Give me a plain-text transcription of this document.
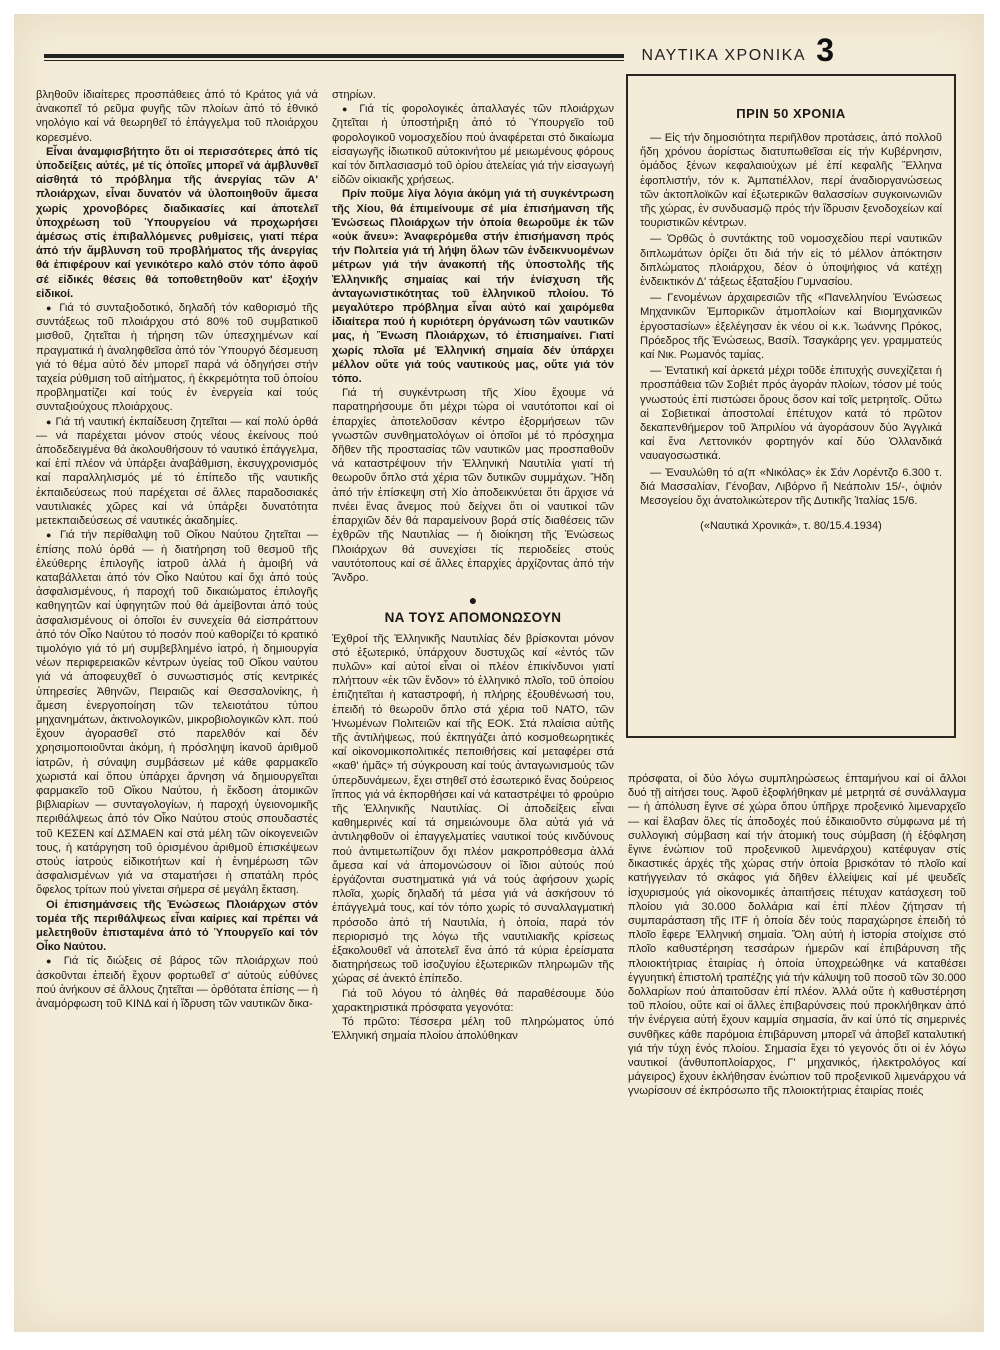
ΝΑΥΤΙΚΑ ΧΡΟΝΙΚΑ 3

βληθοῦν ἰδιαίτερες προσπάθειες ἀπό τό Κράτος γιά νά ἀνακοπεῖ τό ρεῦμα φυγῆς τῶν πλοίων ἀπό τό ἐθνικό νηολόγιο καί νά θεωρηθεῖ τό ἐπάγγελμα τοῦ πλοιάρχου κορεσμένο.

Εἶναι ἀναμφισβήτητο ὅτι οἱ περισσότερες ἀπό τίς ὑποδείξεις αὐτές, μέ τίς ὁποῖες μπορεῖ νά ἀμβλυνθεῖ αἰσθητά τό πρόβλημα τῆς ἀνεργίας τῶν Α' πλοιάρχων, εἶναι δυνατόν νά ὑλοποιηθοῦν ἄμεσα χωρίς χρονοβόρες διαδικασίες καί ἀποτελεῖ ὑποχρέωση τοῦ Ὑπουργείου νά προχωρήσει ἀμέσως στίς ἐπιβαλλόμενες ρυθμίσεις, γιατί πέρα ἀπό τήν ἄμβλυνση τοῦ προβλήματος τῆς ἀνεργίας θά ἐπιφέρουν καί γενικότερο καλό στόν τόπο ἀφοῦ σέ εἰδικές θέσεις θά τοποθετηθοῦν κατ' ἐξοχήν εἰδικοί.

● Γιά τό συνταξιοδοτικό, δηλαδή τόν καθορισμό τῆς συντάξεως τοῦ πλοιάρχου στό 80% τοῦ συμβατικοῦ μισθοῦ, ζητεῖται ἡ τήρηση τῶν ὑπεσχημένων καί πραγματικά ἡ ἀναληφθεῖσα ἀπό τόν Ὑπουργό δέσμευση γιά τό θέμα αὐτό δέν μπορεῖ παρά νά ὁδηγήσει στήν ταχεία ρύθμιση τοῦ αἰτήματος, ἡ ἐκκρεμότητα τοῦ ὁποίου προβληματίζει καί τούς ἐν ἐνεργεία καί τούς συνταξιούχους πλοιάρχους.

● Γιά τή ναυτική ἐκπαίδευση ζητεῖται — καί πολύ ὀρθά — νά παρέχεται μόνον στούς νέους ἐκείνους πού ἀποδεδειγμένα θά ἀκολουθήσουν τό ναυτικό ἐπάγγελμα, καί ἐπί πλέον νά ὑπάρξει ἀναβάθμιση, ἐκσυγχρονισμός καί παραλληλισμός μέ τό ἐπίπεδο τῆς ναυτικῆς ἐκπαιδεύσεως πού παρέχεται σέ ἄλλες παραδοσιακές ναυτιλιακές χῶρες καί νά ὑπάρξει δυνατότητα μετεκπαιδεύσεως σέ ναυτικές ἀκαδημίες.

● Γιά τήν περίθαλψη τοῦ Οἴκου Ναύτου ζητεῖται — ἐπίσης πολύ ὀρθά — ἡ διατήρηση τοῦ θεσμοῦ τῆς ἐλεύθερης ἐπιλογῆς ἰατροῦ ἀλλά ἡ ἀμοιβή νά καταβάλλεται ἀπό τόν Οἶκο Ναύτου καί ὄχι ἀπό τούς ἀσφαλισμένους, ἡ παροχή τοῦ δικαιώματος ἐπιλογῆς καθηγητῶν καί ὑφηγητῶν πού θά ἀμείβονται ἀπό τούς ἀσφαλισμένους οἱ ὁποῖοι ἐν συνεχεία θά εἰσπράττουν ἀπό τόν Οἶκο Ναύτου τό ποσόν πού καθορίζει τό κρατικό τιμολόγιο γιά τό μή συμβεβλημένο ἰατρό, ἡ δημιουργία νέων περιφερειακῶν κέντρων ὑγείας τοῦ Οἴκου ναύτου γιά νά ἀποφευχθεῖ ὁ συνωστισμός στίς κεντρικές ὑπηρεσίες Ἀθηνῶν, Πειραιῶς καί Θεσσαλονίκης, ἡ ἄμεση ἐνεργοποίηση τῶν τελειοτάτου τύπου μηχανημάτων, ἀκτινολογικῶν, μικροβιολογικῶν κλπ. πού ἔχουν ἀγορασθεῖ στό παρελθόν καί δέν χρησιμοποιοῦνται ἀκόμη, ἡ πρόσληψη ἱκανοῦ ἀριθμοῦ ἰατρῶν, ἡ σύναψη συμβάσεων μέ κάθε φαρμακεῖο χωριστά καί ὅπου ὑπάρχει ἄρνηση νά δημιουργεῖται φαρμακεῖο τοῦ Οἴκου Ναύτου, ἡ ἔκδοση ἀτομικῶν βιβλιαρίων — συνταγολογίων, ἡ παροχή ὑγειονομικῆς περιθάλψεως ἀπό τόν Οἶκο Ναύτου στούς σπουδαστές τοῦ ΚΕΣΕΝ καί ΔΣΜΑΕΝ καί στά μέλη τῶν οἰκογενειῶν τους, ἡ κατάργηση τοῦ ὁρισμένου ἀριθμοῦ ἐπισκέψεων στούς ἰατρούς εἰδικοτήτων καί ἡ ἐνημέρωση τῶν ἀσφαλισμένων γιά να σταματήσει ἡ σπατάλη πρός ὄφελος τρίτων πού γίνεται σήμερα σέ μεγάλη ἔκταση.

Οἱ ἐπισημάνσεις τῆς Ἑνώσεως Πλοιάρχων στόν τομέα τῆς περιθάλψεως εἶναι καίριες καί πρέπει νά μελετηθοῦν ἐπισταμένα ἀπό τό Ὑπουργεῖο καί τόν Οἶκο Ναύτου.

● Γιά τίς διώξεις σέ βάρος τῶν πλοιάρχων πού ἀσκοῦνται ἐπειδή ἔχουν φορτωθεῖ σ' αὐτούς εὐθύνες πού ἀνήκουν σέ ἄλλους ζητεῖται — ὀρθότατα ἐπίσης — ἡ ἀναμόρφωση τοῦ ΚΙΝΔ καί ἡ ἵδρυση τῶν ναυτικῶν δικα-

στηρίων.

● Γιά τίς φορολογικές ἀπαλλαγές τῶν πλοιάρχων ζητεῖται ἡ ὑποστήριξη ἀπό τό Ὑπουργεῖο τοῦ φορολογικοῦ νομοσχεδίου πού ἀναφέρεται στό δικαίωμα εἰσαγωγῆς ἰδιωτικοῦ αὐτοκινήτου μέ μειωμένους φόρους καί τόν διπλασιασμό τοῦ ὁρίου ἀτελείας γιά τήν εἰσαγωγή εἰδῶν οἰκιακῆς χρήσεως.

Πρίν ποῦμε λίγα λόγια ἀκόμη γιά τή συγκέντρωση τῆς Χίου, θά ἐπιμείνουμε σέ μία ἐπισήμανση τῆς Ἑνώσεως Πλοιάρχων τήν ὁποία θεωροῦμε ἐκ τῶν «οὐκ ἄνευ»: Ἀναφερόμεθα στήν ἐπισήμανση πρός τήν Πολιτεία γιά τή λήψη ὅλων τῶν ἐνδεικνυομένων μέτρων γιά τήν ἀνακοπή τῆς ὑποστολῆς τῆς Ἑλληνικῆς σημαίας καί τήν ἐνίσχυση τῆς ἀνταγωνιστικότητας τοῦ ἑλληνικοῦ πλοίου. Τό μεγαλύτερο πρόβλημα εἶναι αὐτό καί χαιρόμεθα ἰδιαίτερα πού ἡ κυριότερη ὀργάνωση τῶν ναυτικῶν μας, ἡ Ἕνωση Πλοιάρχων, τό ἐπισημαίνει. Γιατί χωρίς πλοῖα μέ Ἑλληνική σημαία δέν ὑπάρχει μέλλον οὔτε γιά τούς ναυτικούς μας, οὔτε γιά τόν τόπο.

Γιά τή συγκέντρωση τῆς Χίου ἔχουμε νά παρατηρήσουμε ὅτι μέχρι τώρα οἱ ναυτότοποι καί οἱ ἐπαρχίες ἀποτελοῦσαν κέντρο ἐξορμήσεων τῶν γνωστῶν συνθηματολόγων οἱ ὁποῖοι μέ τό πρόσχημα δῆθεν τῆς προστασίας τῶν ναυτικῶν μας προσπαθοῦν νά καταστρέψουν τήν Ἑλληνική Ναυτιλία γιατί τή θεωροῦν ὅπλο στά χέρια τῶν δυτικῶν συμμάχων. Ἤδη ἀπό τήν ἐπίσκεψη στή Χίο ἀποδεικνύεται ὅτι ἄρχισε νά πνέει ἕνας ἄνεμος πού δείχνει ὅτι οἱ ναυτικοί τῶν ἐπαρχιῶν δέν θά παραμείνουν βορά στίς διαθέσεις τῶν ἐχθρῶν τῆς Ναυτιλίας — ἡ διοίκηση τῆς Ἑνώσεως Πλοιάρχων θά συνεχίσει τίς περιοδείες στούς ναυτότοπους καί σέ ἄλλες ἐπαρχίες ἀρχίζοντας ἀπό τήν Ἄνδρο.

●
ΝΑ ΤΟΥΣ ΑΠΟΜΟΝΩΣΟΥΝ

Ἐχθροί τῆς Ἑλληνικῆς Ναυτιλίας δέν βρίσκονται μόνον στό ἐξωτερικό, ὑπάρχουν δυστυχῶς καί «ἐντός τῶν πυλῶν» καί αὐτοί εἶναι οἱ πλέον ἐπικίνδυνοι γιατί πλήττουν «ἐκ τῶν ἔνδον» τό ἑλληνικό πλοῖο, τοῦ ὁποίου ἐπιζητεῖται ἡ καταστροφή, ἡ πλήρης ἐξουθένωσή του, ἐπειδή τό θεωροῦν ὅπλο στά χέρια τοῦ ΝΑΤΟ, τῶν Ἡνωμένων Πολιτειῶν καί τῆς ΕΟΚ. Στά πλαίσια αὐτῆς τῆς ἀντιλήψεως, πού ἐκπηγάζει ἀπό κοσμοθεωρητικές καί οἰκονομικοπολιτικές πεποιθήσεις καί μεταφέρει στά «καθ' ἡμᾶς» τή σύγκρουση καί τούς ἀνταγωνισμούς τῶν ὑπερδυνάμεων, ἔχει στηθεῖ στό ἐσωτερικό ἕνας δούρειος ἵππος γιά νά ἐκπορθήσει καί νά καταστρέψει τό φρούριο τῆς Ἑλληνικῆς Ναυτιλίας. Οἱ ἀποδείξεις εἶναι καθημερινές καί τά σημειώνουμε ὅλα αὐτά γιά νά ἀντιληφθοῦν οἱ ἐπαγγελματίες ναυτικοί τούς κινδύνους πού ἀντιμετωπίζουν ὄχι πλέον μακροπρόθεσμα ἀλλά ἄμεσα καί νά ἀπομονώσουν οἱ ἴδιοι αὐτούς πού ἐργάζονται συστηματικά γιά νά τούς ἀφήσουν χωρίς πλοῖα, χωρίς δηλαδή τά μέσα γιά νά ἀσκήσουν τό ἐπάγγελμά τους, καί τόν τόπο χωρίς τό συναλλαγματική πρόσοδο ἀπό τή Ναυτιλία, ἡ ὁποία, παρά τόν περιορισμό της λόγω τῆς ναυτιλιακῆς κρίσεως ἐξακολουθεῖ νά ἀποτελεῖ ἕνα ἀπό τά κύρια ἐρείσματα διατηρήσεως τοῦ ἰσοζυγίου ἐξωτερικῶν πληρωμῶν τῆς χώρας σέ ἀνεκτό ἐπίπεδο.

Γιά τοῦ λόγου τό ἀληθές θά παραθέσουμε δύο χαρακτηριστικά πρόσφατα γεγονότα:

Τό πρῶτο: Τέσσερα μέλη τοῦ πληρώματος ὑπό Ἑλληνική σημαία πλοίου ἀπολύθηκαν

ΠΡΙΝ 50 ΧΡΟΝΙΑ

— Εἰς τήν δημοσιότητα περιῆλθον προτάσεις, ἀπό πολλοῦ ἤδη χρόνου ἀορίστως διατυπωθεῖσαι εἰς τήν Κυβέρνησιν, ὁμάδος ξένων κεφαλαιούχων μέ ἐπί κεφαλῆς Ἕλληνα ἐφοπλιστήν, τόν κ. Ἀμπατιέλλον, περί ἀναδιοργανώσεως τῶν ἀκτοπλοϊκῶν καί ἐξωτερικῶν θαλασσίων συγκοινωνιῶν τῆς χώρας, ἐν συνδυασμῷ πρός τήν ἵδρυσιν ξενοδοχείων καί τουριστικῶν κέντρων.

— Ὀρθῶς ὁ συντάκτης τοῦ νομοσχεδίου περί ναυτικῶν διπλωμάτων ὁρίζει ὅτι διά τήν εἰς τό μέλλον ἀπόκτησιν διπλώματος πλοιάρχου, δέον ὁ ὑποψήφιος νά κατέχῃ ἐνδεικτικόν Δ' τάξεως ἑξαταξίου Γυμνασίου.

— Γενομένων ἀρχαιρεσιῶν τῆς «Πανελληνίου Ἑνώσεως Μηχανικῶν Ἐμπορικῶν ἀτμοπλοίων καί Βιομηχανικῶν ἐργοστασίων» ἐξελέγησαν ἐκ νέου οἱ κ.κ. Ἰωάννης Πρόκος, Πρόεδρος τῆς Ἑνώσεως, Βασίλ. Τσαγκάρης γεν. γραμματεύς καί Νικ. Ρωμανός ταμίας.

— Ἐντατική καί ἀρκετά μέχρι τοῦδε ἐπιτυχής συνεχίζεται ἡ προσπάθεια τῶν Σοβιέτ πρός ἀγοράν πλοίων, τόσον μέ τούς γνωστούς ἐπί πιστώσει ὅρους ὅσον καί τοῖς μετρητοῖς. Οὕτω αἱ Σοβιετικαί ἀποστολαί ἐπέτυχον κατά τό πρῶτον δεκαπενθήμερον τοῦ Ἀπριλίου νά ἀγοράσουν δύο Ἀγγλικά καί ἕνα Λεττονικόν φορτηγόν καί δύο Ὁλλανδικά ναυαγοσωστικά.

— Ἐναυλώθη τό α(π «Νικόλας» ἐκ Σάν Λορέντζο 6.300 τ. διά Μασσαλίαν, Γένοβαν, Λιβόρνο ἤ Νεάπολιν 15/-, ὀψιόν Μεσογείου ὄχι ἀνατολικώτερον τῆς Δυτικῆς Ἰταλίας 15/6.

(«Ναυτικά Χρονικά», τ. 80/15.4.1934)

πρόσφατα, οἱ δύο λόγω συμπληρώσεως ἐπταμήνου καί οἱ ἄλλοι δυό τῇ αἰτήσει τους. Ἀφοῦ ἐξοφλήθηκαν μέ μετρητά σέ συνάλλαγμα — ἡ ἀπόλυση ἔγινε σέ χώρα ὅπου ὑπῆρχε προξενικό λιμεναρχεῖο — καί ἔλαβαν ὅλες τίς ἀποδοχές πού ἐδικαιοῦντο σύμφωνα μέ τή συλλογική σύμβαση καί τήν ἀτομική τους σύμβαση (ἡ ἐξόφληση ἔγινε ἐνώπιον τοῦ προξενικοῦ λιμενάρχου) κατέφυγαν στίς δικαστικές ἀρχές τῆς χώρας στήν ὁποία βρισκόταν τό πλοῖο καί κατήγγειλαν τό σκάφος γιά δῆθεν ἐλλείψεις καί μέ ψευδεῖς ἰσχυρισμούς γιά οἰκονομικές ἀπαιτήσεις πέτυχαν κατάσχεση τοῦ πλοίου γιά 30.000 δολλάρια καί ἐπί πλέον ζήτησαν τή συμπαράσταση τῆς ITF ἡ ὁποία δέν τούς παραχώρησε ἐπειδή τό πλοῖο ἔφερε Ἑλληνική σημαία. Ὅλη αὐτή ἡ ἱστορία στοίχισε στό πλοῖο καθυστέρηση τεσσάρων ἡμερῶν καί ἐπιβάρυνση τῆς πλοιοκτήτριας ἑταιρίας ἡ ὁποία ὑποχρεώθηκε νά καταθέσει ἐγγυητική ἐπιστολή τραπέζης γιά τήν κάλυψη τοῦ ποσοῦ τῶν 30.000 δολλαρίων πού ἀπαιτοῦσαν ἐπί πλέον. Ἀλλά οὔτε ἡ καθυστέρηση τοῦ πλοίου, οὔτε καί οἱ ἄλλες ἐπιβαρύνσεις πού προκλήθηκαν ἀπό τήν ἐνέργεια αὐτή ἔχουν καμμία σημασία, ἄν καί ὑπό τίς σημερινές συνθῆκες κάθε παρόμοια ἐπιβάρυνση μπορεῖ νά ἀποβεῖ καταλυτική γιά τήν τύχη ἑνός πλοίου. Σημασία ἔχει τό γεγονός ὅτι οἱ ἐν λόγω ναυτικοί (ἀνθυποπλοίαρχος, Γ' μηχανικός, ἠλεκτρολόγος καί μάγειρος) ἔχουν ἐκλήθησαν ἐνώπιον τοῦ προξενικοῦ λιμενάρχου νά γνωρίσουν σέ ἐκπρόσωπο τῆς πλοιοκτήτριας ἑταιρίας ποιές
